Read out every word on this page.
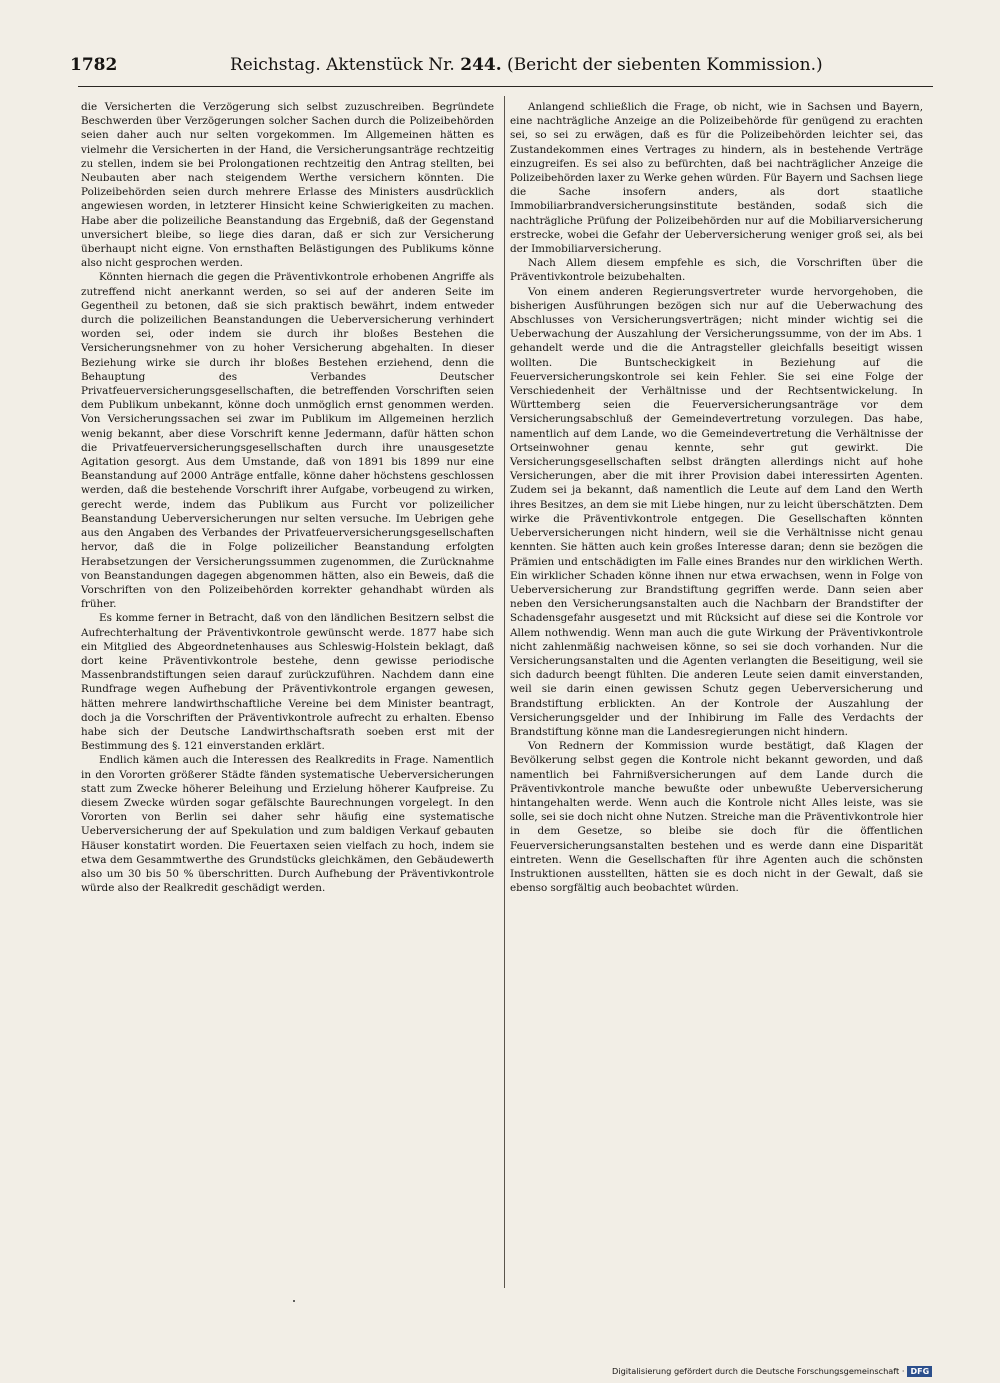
1782	Reichstag. Aktenstück Nr. 244. (Bericht der siebenten Kommission.)

die Versicherten die Verzögerung sich selbst zuzuschreiben. Begründete Beschwerden über Verzögerungen solcher Sachen durch die Polizeibehörden seien daher auch nur selten vorgekommen. Im Allgemeinen hätten es vielmehr die Versicherten in der Hand, die Versicherungsanträge rechtzeitig zu stellen, indem sie bei Prolongationen rechtzeitig den Antrag stellten, bei Neubauten aber nach steigendem Werthe versichern könnten. Die Polizeibehörden seien durch mehrere Erlasse des Ministers ausdrücklich angewiesen worden, in letzterer Hinsicht keine Schwierigkeiten zu machen. Habe aber die polizeiliche Beanstandung das Ergebniß, daß der Gegenstand unversichert bleibe, so liege dies daran, daß er sich zur Versicherung überhaupt nicht eigne. Von ernsthaften Belästigungen des Publikums könne also nicht gesprochen werden.

Könnten hiernach die gegen die Präventivkontrole erhobenen Angriffe als zutreffend nicht anerkannt werden, so sei auf der anderen Seite im Gegentheil zu betonen, daß sie sich praktisch bewährt, indem entweder durch die polizeilichen Beanstandungen die Ueberversicherung verhindert worden sei, oder indem sie durch ihr bloßes Bestehen die Versicherungsnehmer von zu hoher Versicherung abgehalten. In dieser Beziehung wirke sie durch ihr bloßes Bestehen erziehend, denn die Behauptung des Verbandes Deutscher Privatfeuerversicherungsgesellschaften, die betreffenden Vorschriften seien dem Publikum unbekannt, könne doch unmöglich ernst genommen werden. Von Versicherungssachen sei zwar im Publikum im Allgemeinen herzlich wenig bekannt, aber diese Vorschrift kenne Jedermann, dafür hätten schon die Privatfeuerversicherungsgesellschaften durch ihre unausgesetzte Agitation gesorgt. Aus dem Umstande, daß von 1891 bis 1899 nur eine Beanstandung auf 2000 Anträge entfalle, könne daher höchstens geschlossen werden, daß die bestehende Vorschrift ihrer Aufgabe, vorbeugend zu wirken, gerecht werde, indem das Publikum aus Furcht vor polizeilicher Beanstandung Ueberversicherungen nur selten versuche. Im Uebrigen gehe aus den Angaben des Verbandes der Privatfeuerversicherungsgesellschaften hervor, daß die in Folge polizeilicher Beanstandung erfolgten Herabsetzungen der Versicherungssummen zugenommen, die Zurücknahme von Beanstandungen dagegen abgenommen hätten, also ein Beweis, daß die Vorschriften von den Polizeibehörden korrekter gehandhabt würden als früher.

Es komme ferner in Betracht, daß von den ländlichen Besitzern selbst die Aufrechterhaltung der Präventivkontrole gewünscht werde. 1877 habe sich ein Mitglied des Abgeordnetenhauses aus Schleswig-Holstein beklagt, daß dort keine Präventivkontrole bestehe, denn gewisse periodische Massenbrandstiftungen seien darauf zurückzuführen. Nachdem dann eine Rundfrage wegen Aufhebung der Präventivkontrole ergangen gewesen, hätten mehrere landwirthschaftliche Vereine bei dem Minister beantragt, doch ja die Vorschriften der Präventivkontrole aufrecht zu erhalten. Ebenso habe sich der Deutsche Landwirthschaftsrath soeben erst mit der Bestimmung des §. 121 einverstanden erklärt.

Endlich kämen auch die Interessen des Realkredits in Frage. Namentlich in den Vororten größerer Städte fänden systematische Ueberversicherungen statt zum Zwecke höherer Beleihung und Erzielung höherer Kaufpreise. Zu diesem Zwecke würden sogar gefälschte Baurechnungen vorgelegt. In den Vororten von Berlin sei daher sehr häufig eine systematische Ueberversicherung der auf Spekulation und zum baldigen Verkauf gebauten Häuser konstatirt worden. Die Feuertaxen seien vielfach zu hoch, indem sie etwa dem Gesammtwerthe des Grundstücks gleichkämen, den Gebäudewerth also um 30 bis 50 % überschritten. Durch Aufhebung der Präventivkontrole würde also der Realkredit geschädigt werden.

Anlangend schließlich die Frage, ob nicht, wie in Sachsen und Bayern, eine nachträgliche Anzeige an die Polizeibehörde für genügend zu erachten sei, so sei zu erwägen, daß es für die Polizeibehörden leichter sei, das Zustandekommen eines Vertrages zu hindern, als in bestehende Verträge einzugreifen. Es sei also zu befürchten, daß bei nachträglicher Anzeige die Polizeibehörden laxer zu Werke gehen würden. Für Bayern und Sachsen liege die Sache insofern anders, als dort staatliche Immobiliarbrandversicherungsinstitute beständen, sodaß sich die nachträgliche Prüfung der Polizeibehörden nur auf die Mobiliarversicherung erstrecke, wobei die Gefahr der Ueberversicherung weniger groß sei, als bei der Immobiliarversicherung.

Nach Allem diesem empfehle es sich, die Vorschriften über die Präventivkontrole beizubehalten.

Von einem anderen Regierungsvertreter wurde hervorgehoben, die bisherigen Ausführungen bezögen sich nur auf die Ueberwachung des Abschlusses von Versicherungsverträgen; nicht minder wichtig sei die Ueberwachung der Auszahlung der Versicherungssumme, von der im Abs. 1 gehandelt werde und die die Antragsteller gleichfalls beseitigt wissen wollten. Die Buntscheckigkeit in Beziehung auf die Feuerversicherungskontrole sei kein Fehler. Sie sei eine Folge der Verschiedenheit der Verhältnisse und der Rechtsentwickelung. In Württemberg seien die Feuerversicherungsanträge vor dem Versicherungsabschluß der Gemeindevertretung vorzulegen. Das habe, namentlich auf dem Lande, wo die Gemeindevertretung die Verhältnisse der Ortseinwohner genau kennte, sehr gut gewirkt. Die Versicherungsgesellschaften selbst drängten allerdings nicht auf hohe Versicherungen, aber die mit ihrer Provision dabei interessirten Agenten. Zudem sei ja bekannt, daß namentlich die Leute auf dem Land den Werth ihres Besitzes, an dem sie mit Liebe hingen, nur zu leicht überschätzten. Dem wirke die Präventivkontrole entgegen. Die Gesellschaften könnten Ueberversicherungen nicht hindern, weil sie die Verhältnisse nicht genau kennten. Sie hätten auch kein großes Interesse daran; denn sie bezögen die Prämien und entschädigten im Falle eines Brandes nur den wirklichen Werth. Ein wirklicher Schaden könne ihnen nur etwa erwachsen, wenn in Folge von Ueberversicherung zur Brandstiftung gegriffen werde. Dann seien aber neben den Versicherungsanstalten auch die Nachbarn der Brandstifter der Schadensgefahr ausgesetzt und mit Rücksicht auf diese sei die Kontrole vor Allem nothwendig. Wenn man auch die gute Wirkung der Präventivkontrole nicht zahlenmäßig nachweisen könne, so sei sie doch vorhanden. Nur die Versicherungsanstalten und die Agenten verlangten die Beseitigung, weil sie sich dadurch beengt fühlten. Die anderen Leute seien damit einverstanden, weil sie darin einen gewissen Schutz gegen Ueberversicherung und Brandstiftung erblickten. An der Kontrole der Auszahlung der Versicherungsgelder und der Inhibirung im Falle des Verdachts der Brandstiftung könne man die Landesregierungen nicht hindern.

Von Rednern der Kommission wurde bestätigt, daß Klagen der Bevölkerung selbst gegen die Kontrole nicht bekannt geworden, und daß namentlich bei Fahrnißversicherungen auf dem Lande durch die Präventivkontrole manche bewußte oder unbewußte Ueberversicherung hintangehalten werde. Wenn auch die Kontrole nicht Alles leiste, was sie solle, sei sie doch nicht ohne Nutzen. Streiche man die Präventivkontrole hier in dem Gesetze, so bleibe sie doch für die öffentlichen Feuerversicherungsanstalten bestehen und es werde dann eine Disparität eintreten. Wenn die Gesellschaften für ihre Agenten auch die schönsten Instruktionen ausstellten, hätten sie es doch nicht in der Gewalt, daß sie ebenso sorgfältig auch beobachtet würden.

Digitalisierung gefördert durch die Deutsche Forschungsgemeinschaft · DFG
